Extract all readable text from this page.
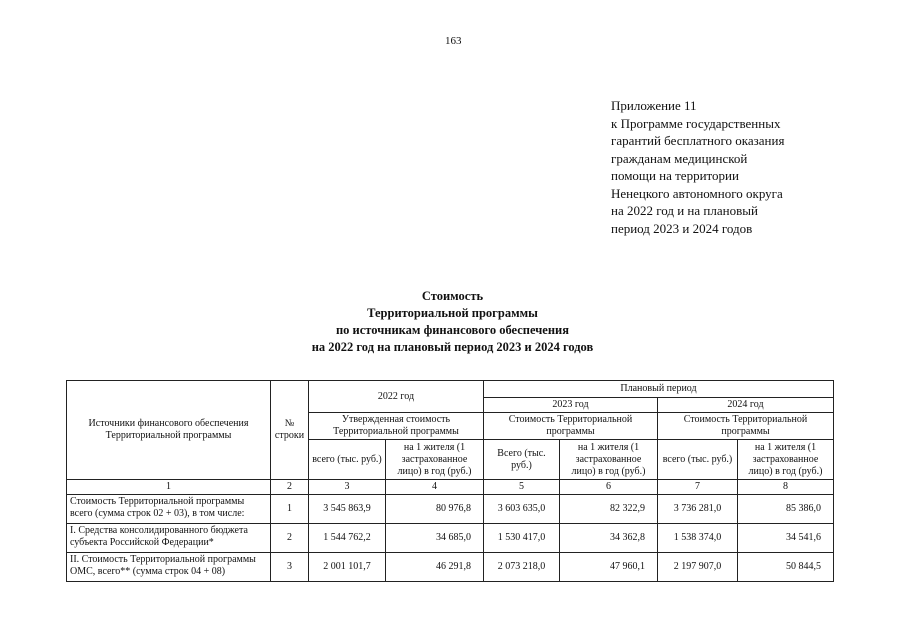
163
Приложение 11
к Программе государственных
гарантий бесплатного оказания
гражданам медицинской
помощи на территории
Ненецкого автономного округа
на 2022 год и на плановый
период 2023 и 2024 годов
Стоимость
Территориальной программы
по источникам финансового обеспечения
на 2022 год на плановый период 2023 и 2024 годов
Источники финансового обеспечения Территориальной программы	№ строки	2022 год		Плановый период			
				2023 год		2024 год	
		Утвержденная стоимость Территориальной программы		Стоимость Территориальной программы		Стоимость Территориальной программы	
		всего (тыс. руб.)	на 1 жителя (1 застрахованное лицо) в год (руб.)	Всего (тыс. руб.)	на 1 жителя (1 застрахованное лицо) в год (руб.)	всего (тыс. руб.)	на 1 жителя (1 застрахованное лицо) в год (руб.)
1	2	3	4	5	6	7	8
Стоимость Территориальной программы всего (сумма строк 02 + 03), в том числе:	1	3 545 863,9	80 976,8	3 603 635,0	82 322,9	3 736 281,0	85 386,0
I. Средства консолидированного бюджета субъекта Российской Федерации*	2	1 544 762,2	34 685,0	1 530 417,0	34 362,8	1 538 374,0	34 541,6
II. Стоимость Территориальной программы ОМС, всего** (сумма строк 04 + 08)	3	2 001 101,7	46 291,8	2 073 218,0	47 960,1	2 197 907,0	50 844,5
